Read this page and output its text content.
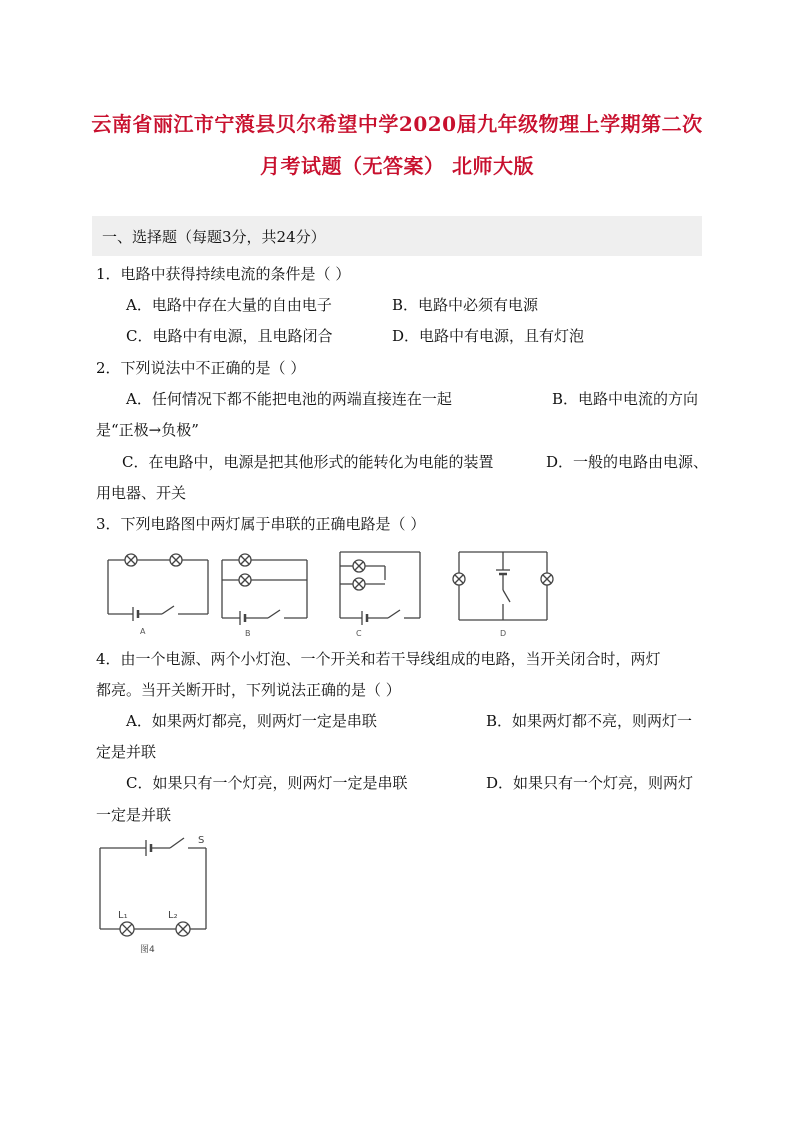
云南省丽江市宁蒗县贝尔希望中学2020届九年级物理上学期第二次
月考试题（无答案） 北师大版
一、选择题（每题3分，共24分）
1．电路中获得持续电流的条件是（ ）
A．电路中存在大量的自由电子	B．电路中必须有电源
C．电路中有电源，且电路闭合	D．电路中有电源，且有灯泡
2．下列说法中不正确的是（ ）
A．任何情况下都不能把电池的两端直接连在一起	B．电路中电流的方向
是“正极→负极”
C．在电路中，电源是把其他形式的能转化为电能的装置	D．一般的电路由电源、
用电器、开关
3．下列电路图中两灯属于串联的正确电路是（ ）
A	B	C	D
4．由一个电源、两个小灯泡、一个开关和若干导线组成的电路，当开关闭合时，两灯
都亮。当开关断开时，下列说法正确的是（ ）
A．如果两灯都亮，则两灯一定是串联	B．如果两灯都不亮，则两灯一
定是并联
C．如果只有一个灯亮，则两灯一定是串联	D．如果只有一个灯亮，则两灯
一定是并联
S
L₁	L₂
图4
